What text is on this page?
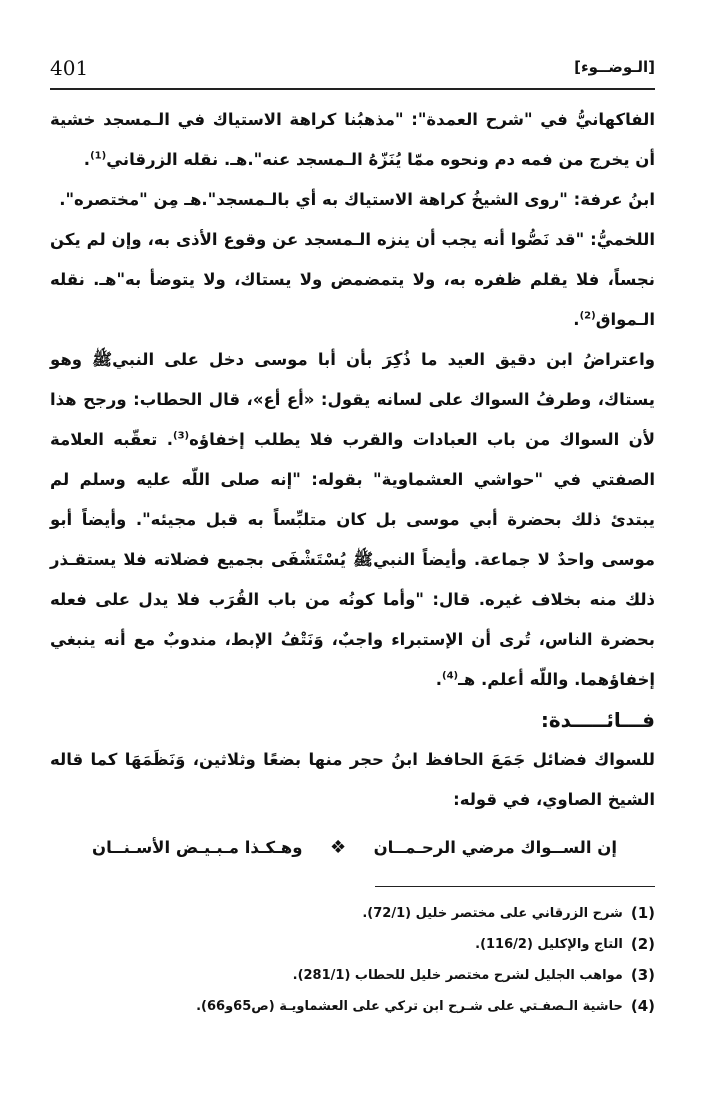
401	[الـوضــوء]

الفاكهانيُّ في "شرح العمدة": "مذهبُنا كراهة الاستياك في الـمسجد خشية أن يخرج من فمه دم ونحوه ممّا يُنَزّهُ الـمسجد عنه".هـ. نقله الزرقاني$^{(1)}$.

ابنُ عرفة: "روى الشيخُ كراهة الاستياك به أي بالـمسجد".هـ مِن "مختصره".

اللخميُّ: "قد نَصُّوا أنه يجب أن ينزه الـمسجد عن وقوع الأذى به، وإن لم يكن نجساً، فلا يقلم ظفره به، ولا يتمضمض ولا يستاك، ولا يتوضأ به"هـ. نقله الـمواق$^{(2)}$.

واعتراضُ ابن دقيق العيد ما ذُكِرَ بأن أبا موسى دخل على النبيﷺ وهو يستاك، وطرفُ السواك على لسانه يقول: «أع أع»، قال الحطاب: ورجح هذا لأن السواك من باب العبادات والقرب فلا يطلب إخفاؤه$^{(3)}$. تعقّبه العلامة الصفتي في "حواشي العشماوية" بقوله: "إنه صلى اللّه عليه وسلم لم يبتدئ ذلك بحضرة أبي موسى بل كان متلبِّساً به قبل مجيئه". وأيضاً أبو موسى واحدٌ لا جماعة. وأيضاً النبيﷺ يُسْتَشْفَى بجميع فضلاته فلا يستقـذر ذلك منه بخلاف غيره. قال: "وأما كونُه من باب القُرَب فلا يدل على فعله بحضرة الناس، تُرى أن الإستبراء واجبٌ، وَنَتْفُ الإبط، مندوبٌ مع أنه ينبغي إخفاؤهما. واللّه أعلم. هـ$^{(4)}$.

فـــائـــــدة:

للسواك فضائل جَمَعَ الحافظ ابنُ حجر منها بضعًا وثلاثين، وَنَظَمَهَا كما قاله الشيخ الصاوي، في قوله:

إن الســواك مرضي الرحـمــان
❖
وهـكـذا مـبـيـض الأسـنــان
(1)
شرح الزرقاني على مختصر خليل (72/1).
(2)
التاج والإكليل (116/2).
(3)
مواهب الجليل لشرح مختصر خليل للحطاب (281/1).
(4)
حاشية الـصفـتي على شـرح ابن تركي على العشماويـة (ص65و66).
